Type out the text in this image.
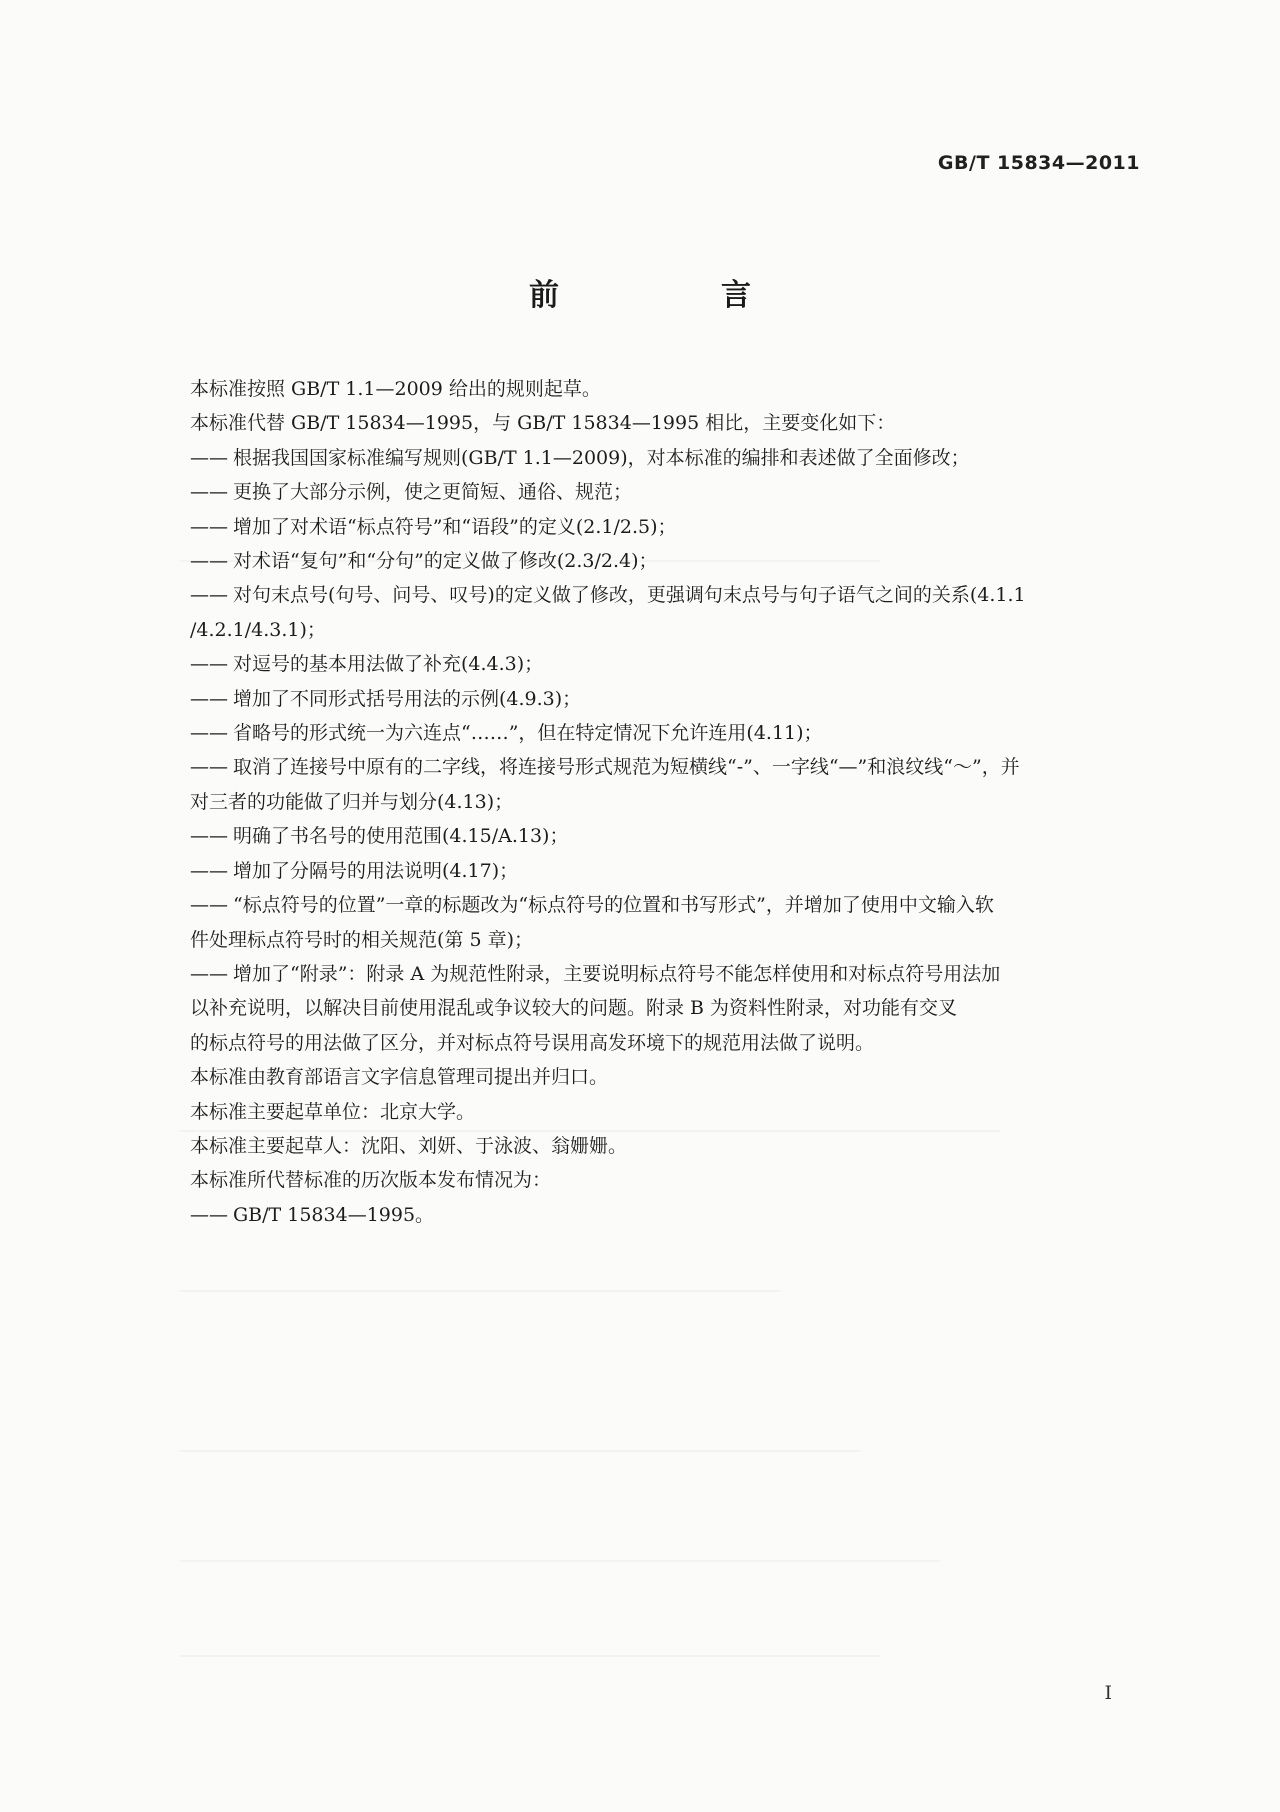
GB/T 15834—2011
前　言

本标准按照 GB/T 1.1—2009 给出的规则起草。

本标准代替 GB/T 15834—1995，与 GB/T 15834—1995 相比，主要变化如下：

—— 根据我国国家标准编写规则(GB/T 1.1—2009)，对本标准的编排和表述做了全面修改；

—— 更换了大部分示例，使之更简短、通俗、规范；

—— 增加了对术语“标点符号”和“语段”的定义(2.1/2.5)；

—— 对术语“复句”和“分句”的定义做了修改(2.3/2.4)；

—— 对句末点号(句号、问号、叹号)的定义做了修改，更强调句末点号与句子语气之间的关系(4.1.1
/4.2.1/4.3.1)；

—— 对逗号的基本用法做了补充(4.4.3)；

—— 增加了不同形式括号用法的示例(4.9.3)；

—— 省略号的形式统一为六连点“……”，但在特定情况下允许连用(4.11)；

—— 取消了连接号中原有的二字线，将连接号形式规范为短横线“-”、一字线“—”和浪纹线“～”，并
对三者的功能做了归并与划分(4.13)；

—— 明确了书名号的使用范围(4.15/A.13)；

—— 增加了分隔号的用法说明(4.17)；

—— “标点符号的位置”一章的标题改为“标点符号的位置和书写形式”，并增加了使用中文输入软
件处理标点符号时的相关规范(第 5 章)；

—— 增加了“附录”：附录 A 为规范性附录，主要说明标点符号不能怎样使用和对标点符号用法加
以补充说明，以解决目前使用混乱或争议较大的问题。附录 B 为资料性附录，对功能有交叉
的标点符号的用法做了区分，并对标点符号误用高发环境下的规范用法做了说明。

本标准由教育部语言文字信息管理司提出并归口。

本标准主要起草单位：北京大学。

本标准主要起草人：沈阳、刘妍、于泳波、翁姗姗。

本标准所代替标准的历次版本发布情况为：

—— GB/T 15834—1995。

I
